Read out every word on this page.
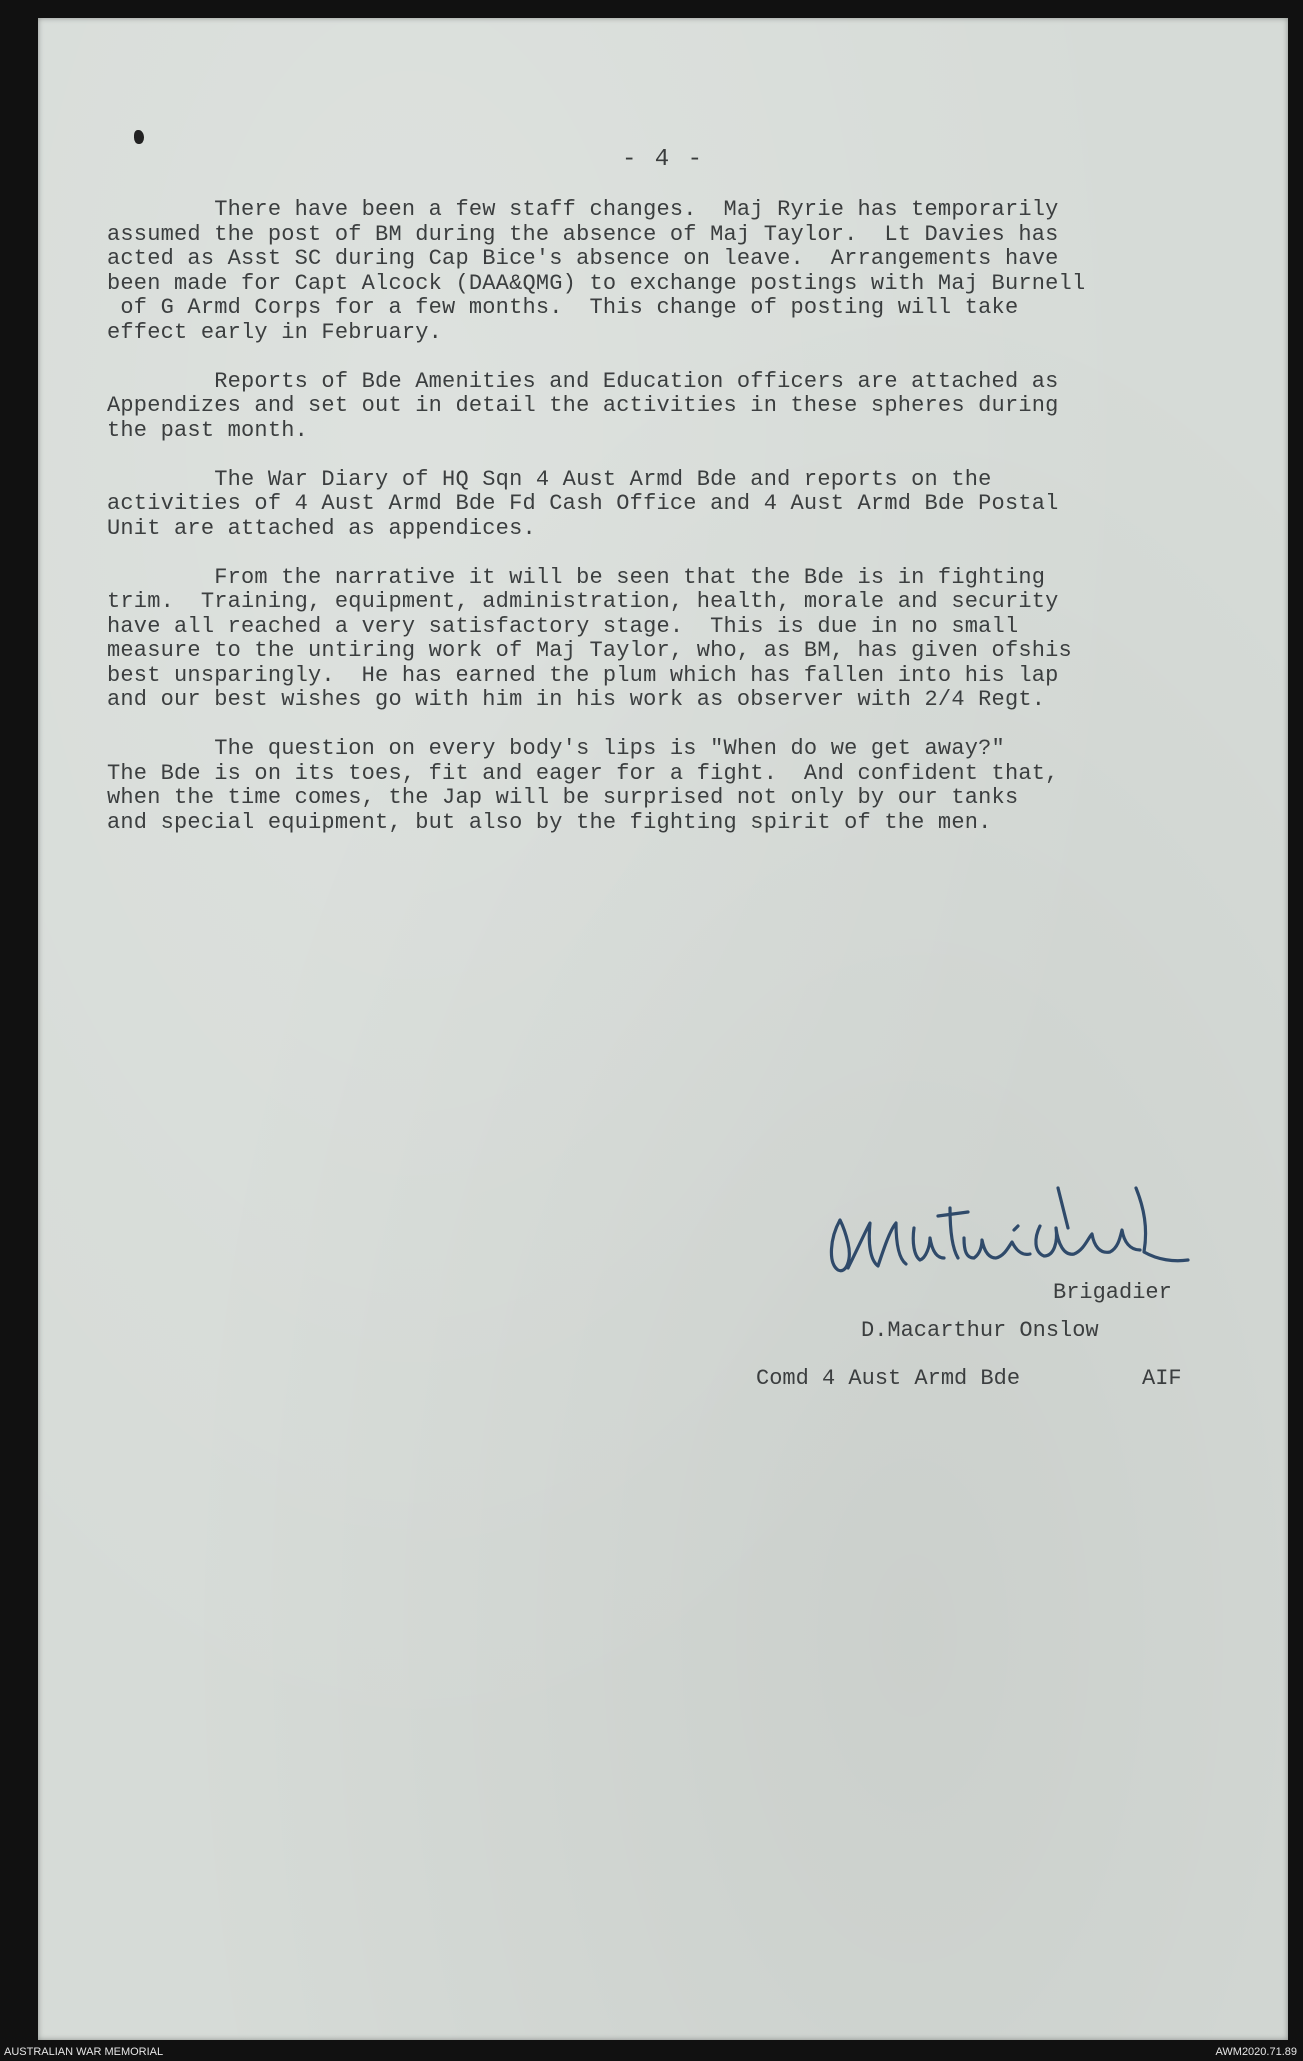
- 4 -
There have been a few staff changes.  Maj Ryrie has temporarily
assumed the post of BM during the absence of Maj Taylor.  Lt Davies has
acted as Asst SC during Cap Bice's absence on leave.  Arrangements have
been made for Capt Alcock (DAA&QMG) to exchange postings with Maj Burnell
of G Armd Corps for a few months.  This change of posting will take
effect early in February.
Reports of Bde Amenities and Education officers are attached as
Appendizes and set out in detail the activities in these spheres during
the past month.
The War Diary of HQ Sqn 4 Aust Armd Bde and reports on the
activities of 4 Aust Armd Bde Fd Cash Office and 4 Aust Armd Bde Postal
Unit are attached as appendices.
From the narrative it will be seen that the Bde is in fighting
trim.  Training, equipment, administration, health, morale and security
have all reached a very satisfactory stage.  This is due in no small
measure to the untiring work of Maj Taylor, who, as BM, has given ofshis
best unsparingly.  He has earned the plum which has fallen into his lap
and our best wishes go with him in his work as observer with 2/4 Regt.
The question on every body's lips is "When do we get away?"
The Bde is on its toes, fit and eager for a fight.  And confident that,
when the time comes, the Jap will be surprised not only by our tanks
and special equipment, but also by the fighting spirit of the men.
Brigadier
D.Macarthur Onslow
Comd 4 Aust Armd Bde	AIF
AUSTRALIAN WAR MEMORIAL	AWM2020.71.89
